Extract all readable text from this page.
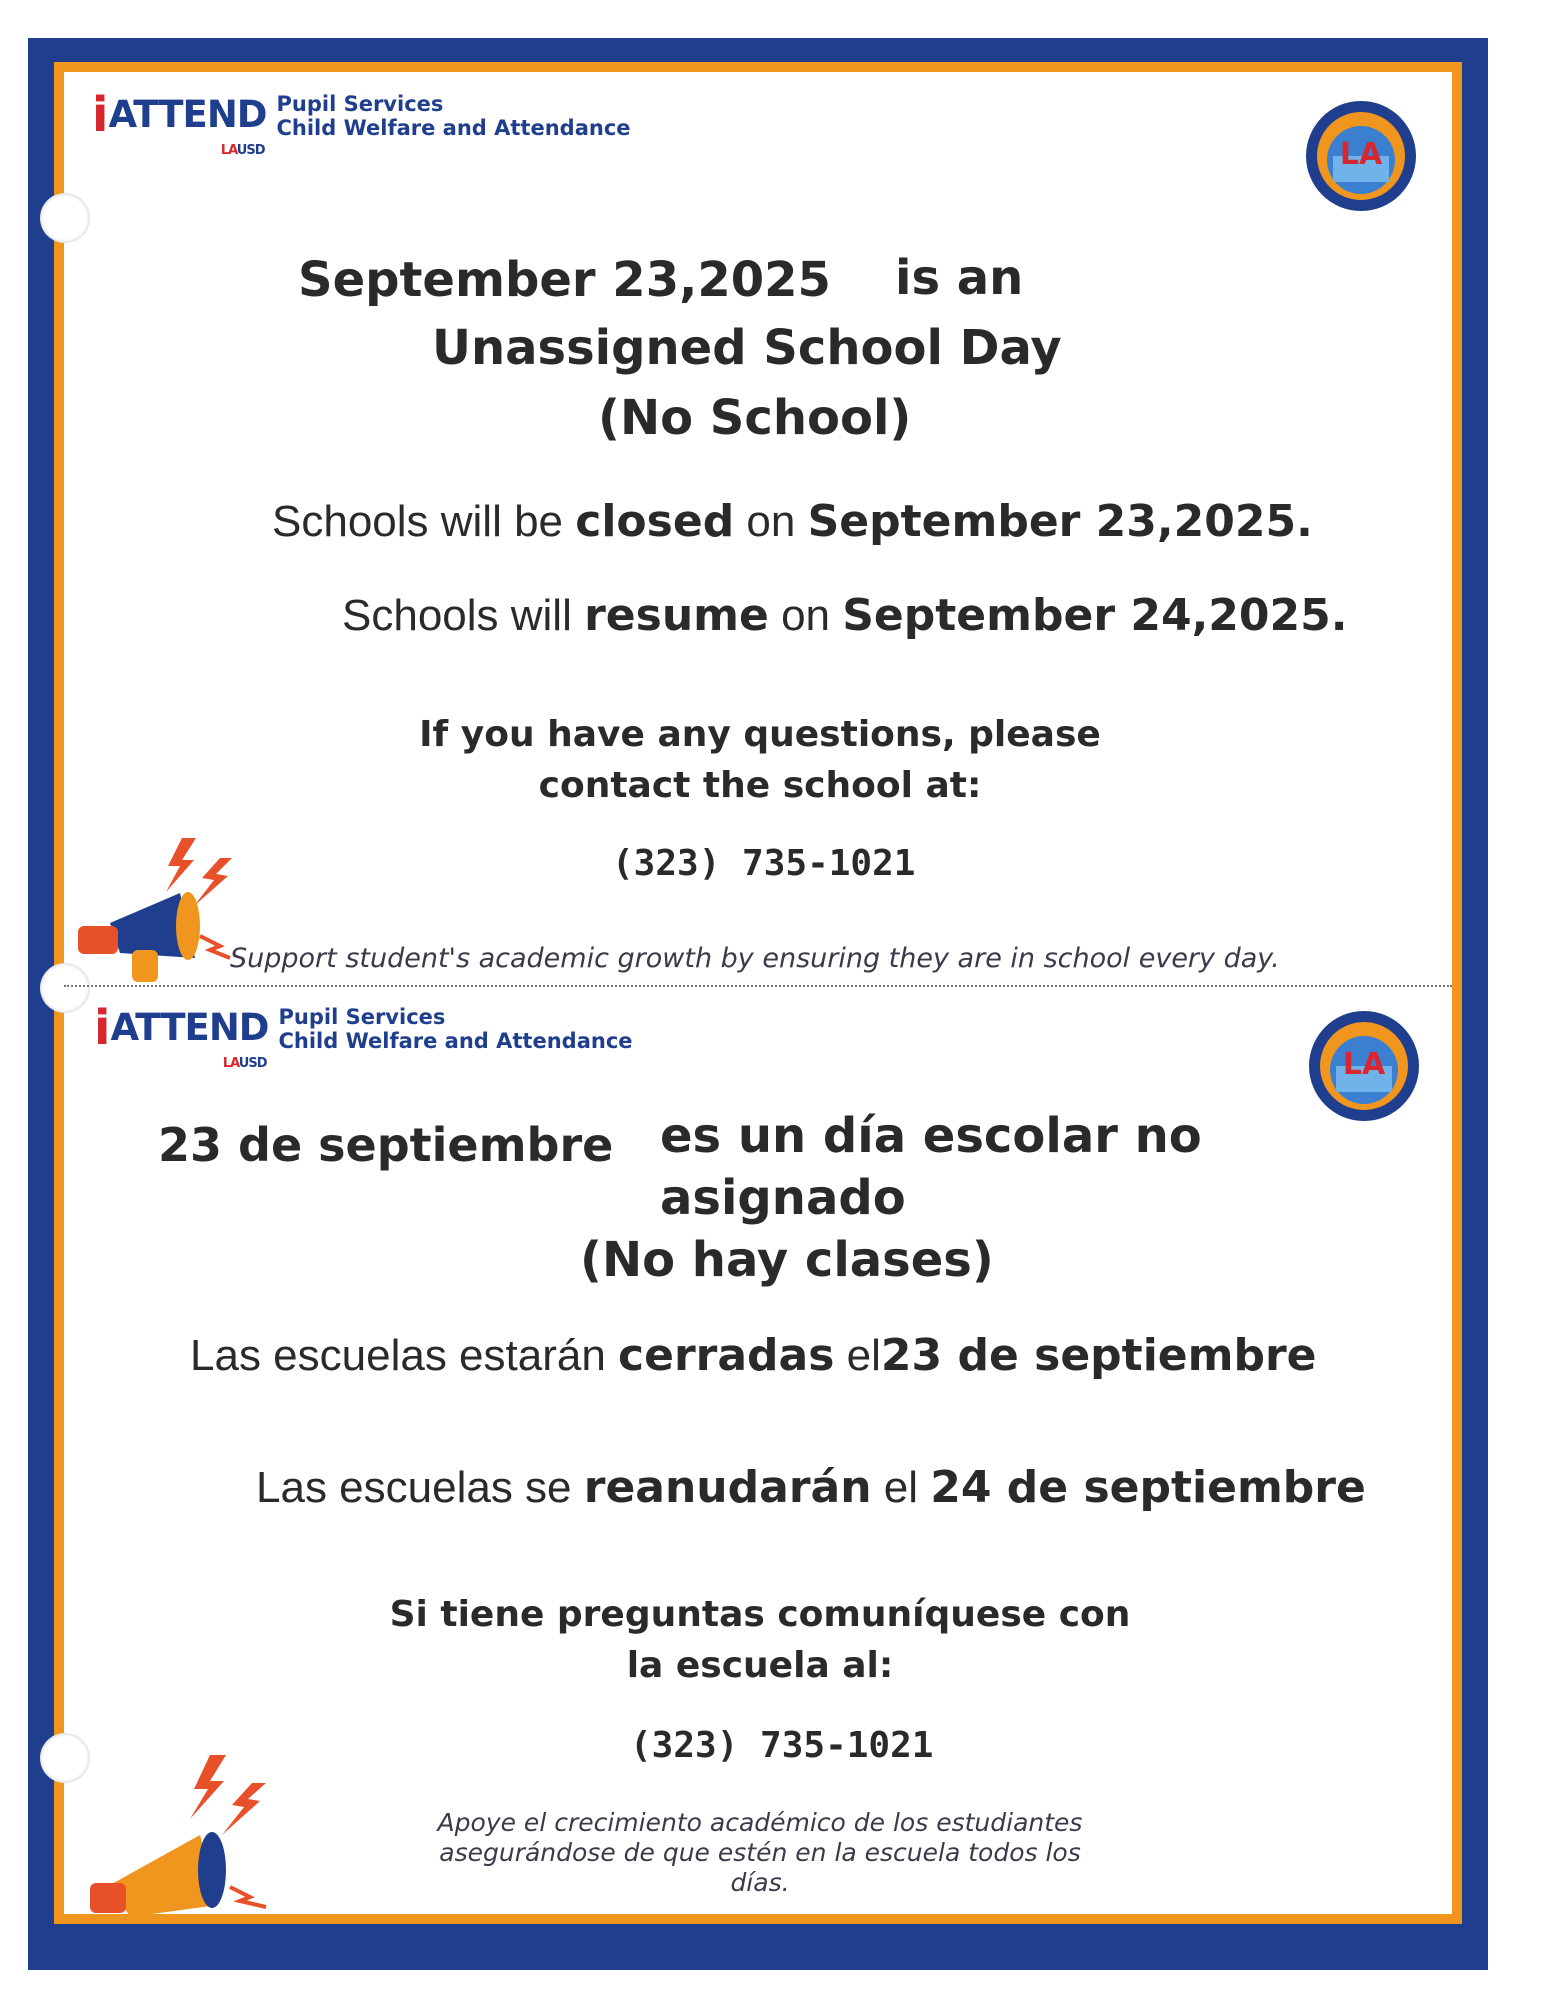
i ATTEND
LAUSD
Pupil Services
Child Welfare and Attendance
LA
September 23,2025 is an
Unassigned School Day
(No School)
Schools will be closed on September 23,2025.
Schools will resume on September 24,2025.
If you have any questions, please
contact the school at:
(323) 735-1021
Support student's academic growth by ensuring they are in school every day.
i ATTEND
LAUSD
Pupil Services
Child Welfare and Attendance
LA
23 de septiembre es un día escolar no
asignado
(No hay clases)
Las escuelas estarán cerradas el23 de septiembre
Las escuelas se reanudarán el 24 de septiembre
Si tiene preguntas comuníquese con
la escuela al:
(323) 735-1021
Apoye el crecimiento académico de los estudiantes
asegurándose de que estén en la escuela todos los
días.
